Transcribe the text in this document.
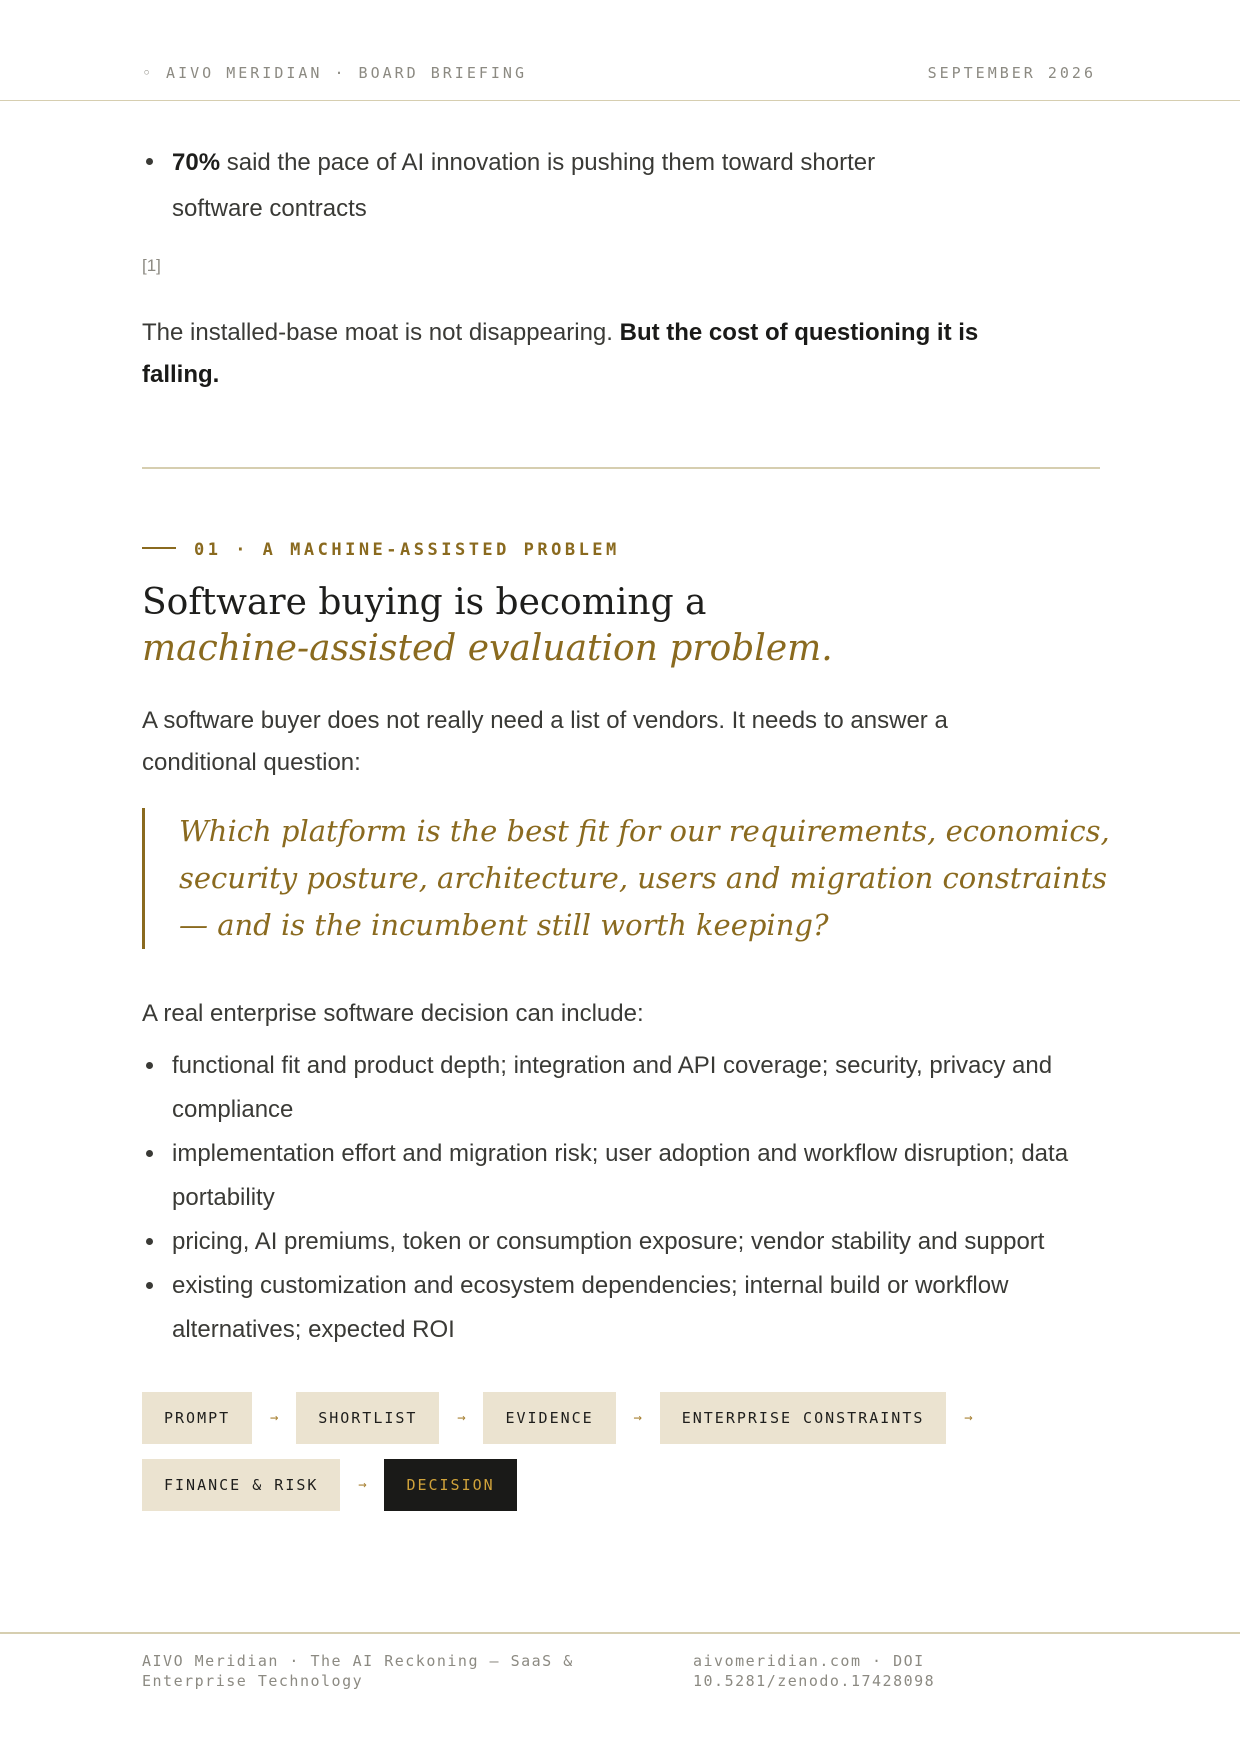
◦ AIVO MERIDIAN · BOARD BRIEFING	SEPTEMBER 2026
70% said the pace of AI innovation is pushing them toward shorter software contracts
[1]
The installed-base moat is not disappearing. But the cost of questioning it is falling.
01 · A MACHINE-ASSISTED PROBLEM
Software buying is becoming a
machine-assisted evaluation problem.
A software buyer does not really need a list of vendors. It needs to answer a conditional question:
Which platform is the best fit for our requirements, economics, security posture, architecture, users and migration constraints — and is the incumbent still worth keeping?
A real enterprise software decision can include:
functional fit and product depth; integration and API coverage; security, privacy and compliance
implementation effort and migration risk; user adoption and workflow disruption; data portability
pricing, AI premiums, token or consumption exposure; vendor stability and support
existing customization and ecosystem dependencies; internal build or workflow alternatives; expected ROI
PROMPT	→	SHORTLIST	→	EVIDENCE	→	ENTERPRISE CONSTRAINTS	→
FINANCE & RISK	→	DECISION
AIVO Meridian · The AI Reckoning — SaaS & Enterprise Technology
aivomeridian.com · DOI 10.5281/zenodo.17428098
